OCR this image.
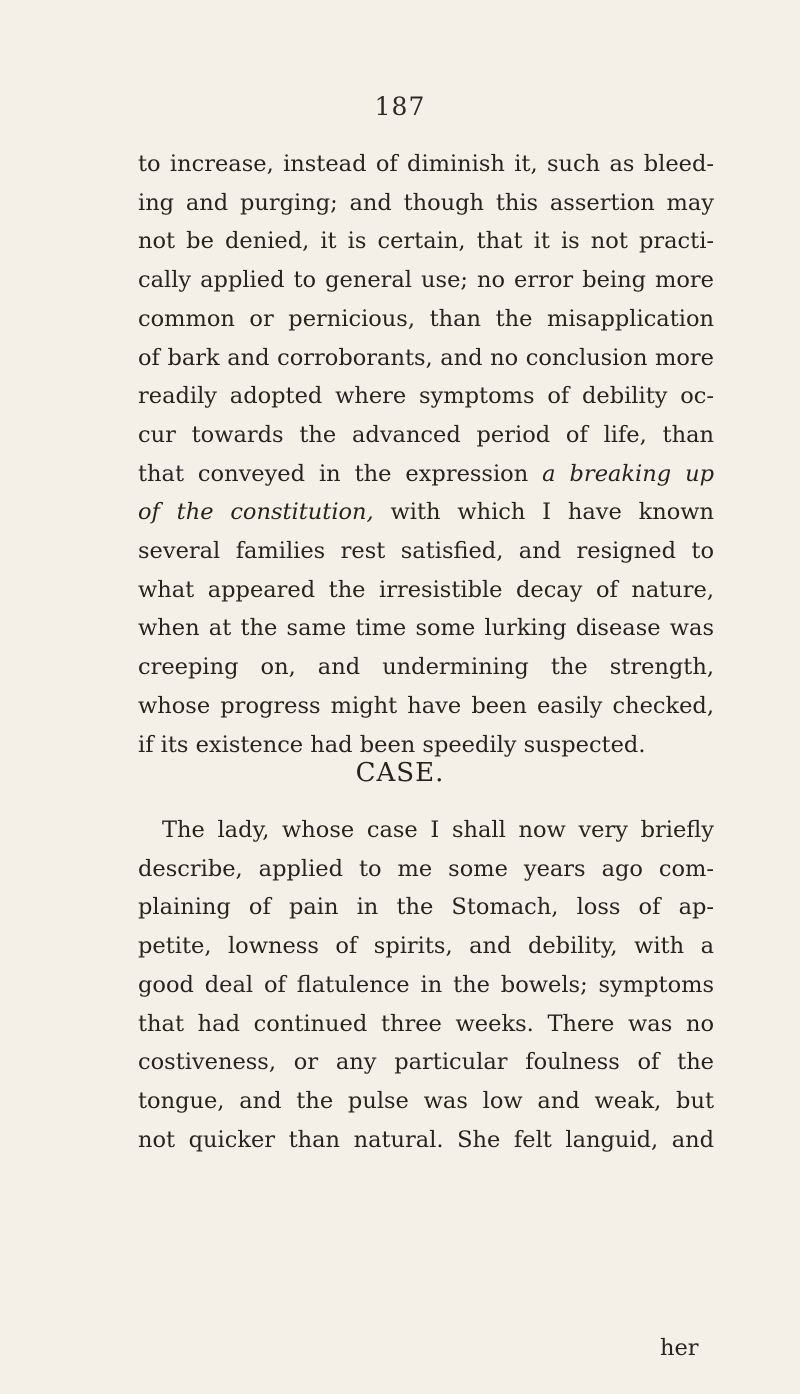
187
to increase, instead of diminish it, such as bleed-
ing and purging; and though this assertion may
not be denied, it is certain, that it is not practi-
cally applied to general use; no error being more
common or pernicious, than the misapplication
of bark and corroborants, and no conclusion more
readily adopted where symptoms of debility oc-
cur towards the advanced period of life, than
that conveyed in the expression a breaking up
of the constitution, with which I have known
several families rest satisfied, and resigned to
what appeared the irresistible decay of nature,
when at the same time some lurking disease was
creeping on, and undermining the strength,
whose progress might have been easily checked,
if its existence had been speedily suspected.
CASE.
The lady, whose case I shall now very briefly
describe, applied to me some years ago com-
plaining of pain in the Stomach, loss of ap-
petite, lowness of spirits, and debility, with a
good deal of flatulence in the bowels; symptoms
that had continued three weeks. There was no
costiveness, or any particular foulness of the
tongue, and the pulse was low and weak, but
not quicker than natural. She felt languid, and
her
